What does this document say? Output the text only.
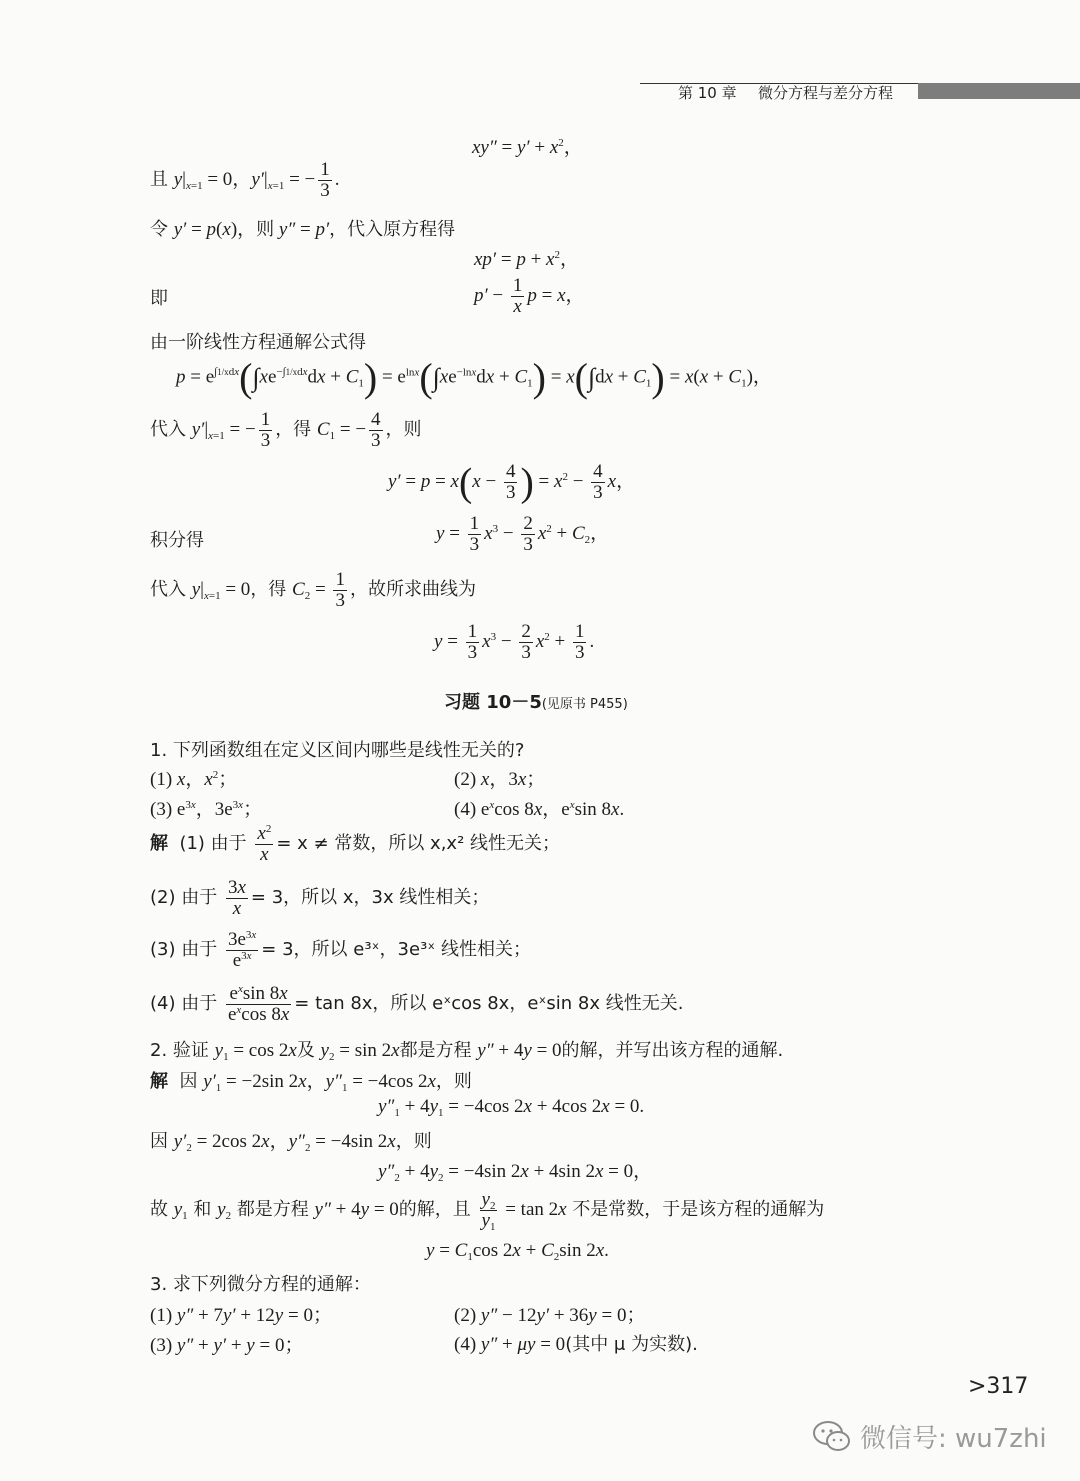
第 10 章 微分方程与差分方程
$xy'' = y' + x^2$，
且 $y|_{x=1} = 0$，$y'|_{x=1}$ = − $\frac{1}{3}$ .
令 y′ = p(x)，则 y″ = p′，代入原方程得
$xp' = p + x^2$，
即	$p' - \frac{1}{x}$ p = x，
由一阶线性方程通解公式得
$p = e^{\int 1/xdx}(\int xe^{-\int 1/xdx}dx + C_1) = e^{lnx}(\int xe^{-lnx}dx + C_1) = x(\int dx + C_1) = x(x + C_1)$，
代入 $y'|_{x=1}$ = − $\frac{1}{3}$ ，得 $C_1$ = − $\frac{4}{3}$ ，则
$y' = p = x(x - \frac{4}{3}$ ) = $x^2 - \frac{4}{3}$ x，
积分得	$y = \frac{1}{3} x^3 - \frac{2}{3} x^2 + C_2$，
代入 $y|_{x=1} = 0$，得 $C_2 = \frac{1}{3}$ ，故所求曲线为
$y = \frac{1}{3} x^3 - \frac{2}{3} x^2 + \frac{1}{3}$ .
习题 10－5(见原书 P455)
1. 下列函数组在定义区间内哪些是线性无关的?
(1) x，$x^2$；	(2) x，3x；
(3) $e^{3x}$，$3e^{3x}$；	(4) $e^x\cos$ 8x，$e^x\sin$ 8x.
解 (1) 由于 $\frac{x^2}{x} = x$ ≠ 常数，所以 x,x² 线性无关；
(2) 由于 $\frac{3x}{x} = 3$，所以 x，3x 线性相关；
(3) 由于 $\frac{3e^{3x}}{e^{3x}} = 3$，所以 e³ˣ，3e³ˣ 线性相关；
(4) 由于 $\frac{e^x\sin 8x}{e^x\cos 8x} = \tan 8x$，所以 eˣcos 8x，eˣsin 8x 线性无关.
2. 验证 $y_1 = \cos 2x$及 $y_2 = \sin 2x$都是方程 y″ + 4y = 0的解，并写出该方程的通解.
解 因 $y'_1 = -2\sin$ 2x，$y''_1 = -4\cos$ 2x，则
$y''_1 + 4y_1 = -4\cos$ 2x + 4cos 2x = 0.
因 $y'_2 = 2\cos$ 2x，$y''_2 = -4\sin$ 2x，则
$y''_2 + 4y_2 = -4\sin$ 2x + 4sin 2x = 0，
故 $y_1$ 和 $y_2$ 都是方程 y″ + 4y = 0的解，且 $\frac{y_2}{y_1} = \tan 2x$ 不是常数，于是该方程的通解为
$y = C_1\cos$ $2x + C_2\sin$ 2x.
3. 求下列微分方程的通解：
(1) y″ + 7y′ + 12y = 0；	(2) y″ − 12y′ + 36y = 0；
(3) y″ + y′ + y = 0；	(4) y″ + μy = 0(其中 μ 为实数).
>317
微信号: wu7zhi
